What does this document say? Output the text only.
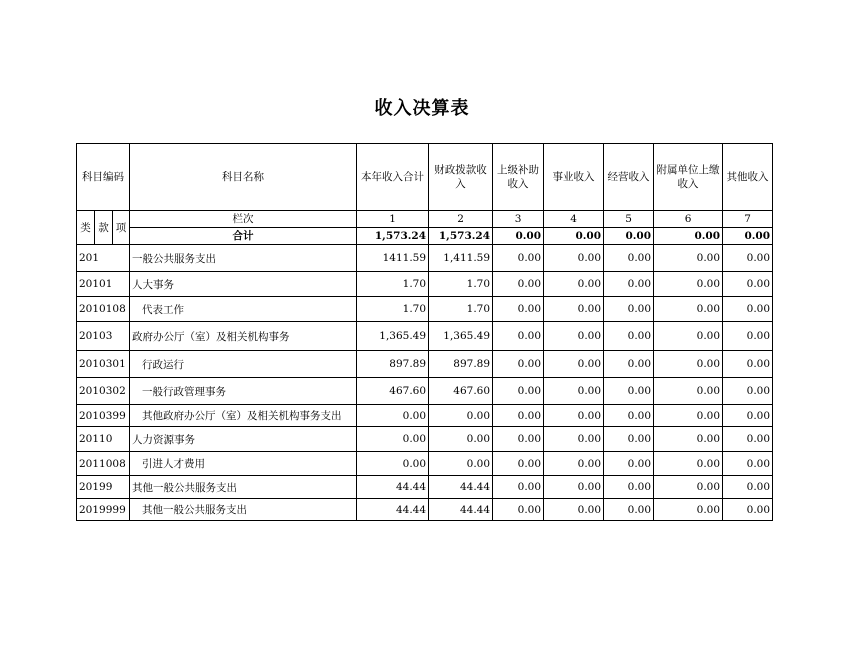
收入决算表
科目编码			科目名称	本年收入合计	财政拨款收入	上级补助收入	事业收入	经营收入	附属单位上缴收入	其他收入
类	款	项	栏次	1	2	3	4	5	6	7
			合计	1,573.24	1,573.24	0.00	0.00	0.00	0.00	0.00
201			一般公共服务支出	1411.59	1,411.59	0.00	0.00	0.00	0.00	0.00
20101			人大事务	1.70	1.70	0.00	0.00	0.00	0.00	0.00
2010108			代表工作	1.70	1.70	0.00	0.00	0.00	0.00	0.00
20103			政府办公厅（室）及相关机构事务	1,365.49	1,365.49	0.00	0.00	0.00	0.00	0.00
2010301			行政运行	897.89	897.89	0.00	0.00	0.00	0.00	0.00
2010302			一般行政管理事务	467.60	467.60	0.00	0.00	0.00	0.00	0.00
2010399			其他政府办公厅（室）及相关机构事务支出	0.00	0.00	0.00	0.00	0.00	0.00	0.00
20110			人力资源事务	0.00	0.00	0.00	0.00	0.00	0.00	0.00
2011008			引进人才费用	0.00	0.00	0.00	0.00	0.00	0.00	0.00
20199			其他一般公共服务支出	44.44	44.44	0.00	0.00	0.00	0.00	0.00
2019999			其他一般公共服务支出	44.44	44.44	0.00	0.00	0.00	0.00	0.00
